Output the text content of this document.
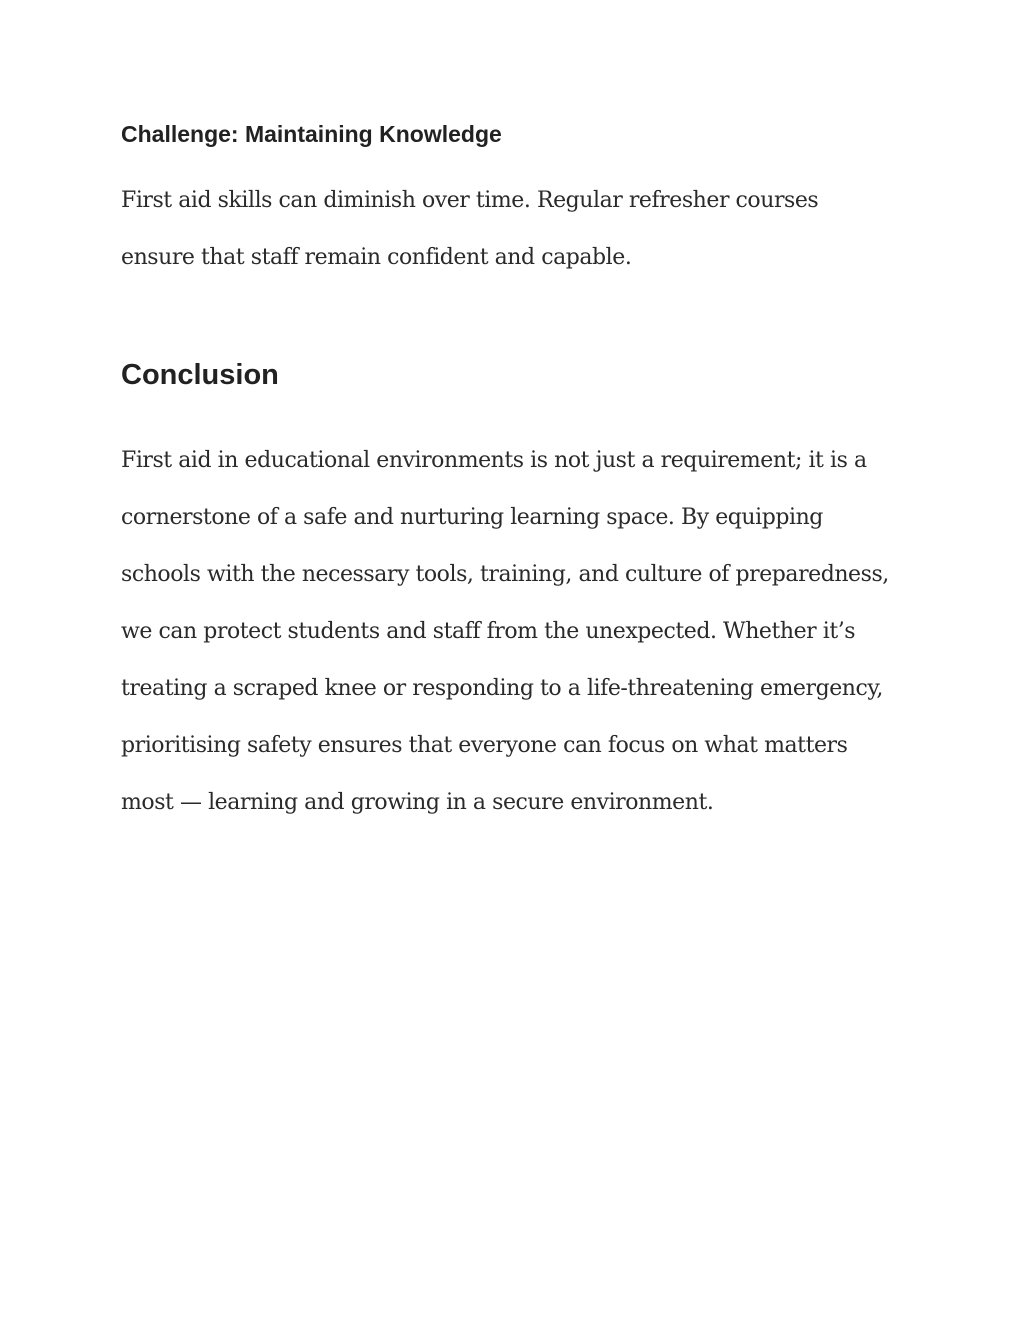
Challenge: Maintaining Knowledge

First aid skills can diminish over time. Regular refresher courses
ensure that staff remain confident and capable.

Conclusion

First aid in educational environments is not just a requirement; it is a
cornerstone of a safe and nurturing learning space. By equipping
schools with the necessary tools, training, and culture of preparedness,
we can protect students and staff from the unexpected. Whether it’s
treating a scraped knee or responding to a life-threatening emergency,
prioritising safety ensures that everyone can focus on what matters
most — learning and growing in a secure environment.
